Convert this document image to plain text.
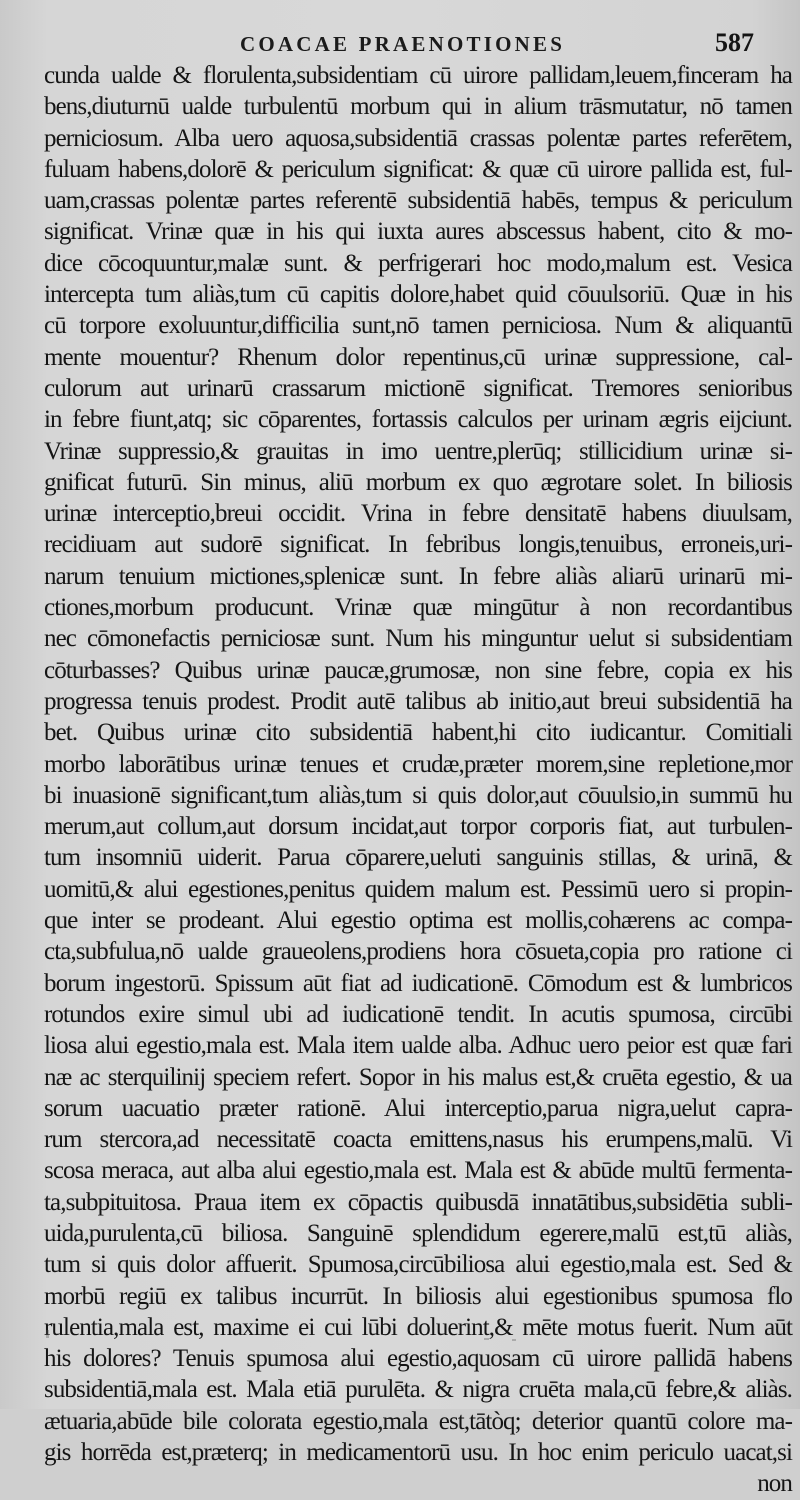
COACAE PRAENOTIONES	587
cunda ualde & florulenta,subsidentiam cū uirore pallidam,leuem,finceram ha
bens,diuturnū ualde turbulentū morbum qui in alium trāsmutatur, nō tamen
perniciosum. Alba uero aquosa,subsidentiā crassas polentæ partes referētem,
fuluam habens,dolorē & periculum significat: & quæ cū uirore pallida est, ful-
uam,crassas polentæ partes referentē subsidentiā habēs, tempus & periculum
significat. Vrinæ quæ in his qui iuxta aures abscessus habent, cito & mo-
dice cōcoquuntur,malæ sunt. & perfrigerari hoc modo,malum est. Vesica
intercepta tum aliàs,tum cū capitis dolore,habet quid cōuulsoriū. Quæ in his
cū torpore exoluuntur,difficilia sunt,nō tamen perniciosa. Num & aliquantū
mente mouentur? Rhenum dolor repentinus,cū urinæ suppressione, cal-
culorum aut urinarū crassarum mictionē significat. Tremores senioribus
in febre fiunt,atq; sic cōparentes, fortassis calculos per urinam ægris eijciunt.
Vrinæ suppressio,& grauitas in imo uentre,plerūq; stillicidium urinæ si-
gnificat futurū. Sin minus, aliū morbum ex quo ægrotare solet. In biliosis
urinæ interceptio,breui occidit. Vrina in febre densitatē habens diuulsam,
recidiuam aut sudorē significat. In febribus longis,tenuibus, erroneis,uri-
narum tenuium mictiones,splenicæ sunt. In febre aliàs aliarū urinarū mi-
ctiones,morbum producunt. Vrinæ quæ mingūtur à non recordantibus
nec cōmonefactis perniciosæ sunt. Num his minguntur uelut si subsidentiam
cōturbasses? Quibus urinæ paucæ,grumosæ, non sine febre, copia ex his
progressa tenuis prodest. Prodit autē talibus ab initio,aut breui subsidentiā ha
bet. Quibus urinæ cito subsidentiā habent,hi cito iudicantur. Comitiali
morbo laborātibus urinæ tenues et crudæ,præter morem,sine repletione,mor
bi inuasionē significant,tum aliàs,tum si quis dolor,aut cōuulsio,in summū hu
merum,aut collum,aut dorsum incidat,aut torpor corporis fiat, aut turbulen-
tum insomniū uiderit. Parua cōparere,ueluti sanguinis stillas, & urinā, &
uomitū,& alui egestiones,penitus quidem malum est. Pessimū uero si propin-
que inter se prodeant. Alui egestio optima est mollis,cohærens ac compa-
cta,subfulua,nō ualde graueolens,prodiens hora cōsueta,copia pro ratione ci
borum ingestorū. Spissum aūt fiat ad iudicationē. Cōmodum est & lumbricos
rotundos exire simul ubi ad iudicationē tendit. In acutis spumosa, circūbi
liosa alui egestio,mala est. Mala item ualde alba. Adhuc uero peior est quæ fari
næ ac sterquilinij speciem refert. Sopor in his malus est,& cruēta egestio, & ua
sorum uacuatio præter rationē. Alui interceptio,parua nigra,uelut capra-
rum stercora,ad necessitatē coacta emittens,nasus his erumpens,malū. Vi
scosa meraca, aut alba alui egestio,mala est. Mala est & abūde multū fermenta-
ta,subpituitosa. Praua item ex cōpactis quibusdā innatātibus,subsidētia subli-
uida,purulenta,cū biliosa. Sanguinē splendidum egerere,malū est,tū aliàs,
tum si quis dolor affuerit. Spumosa,circūbiliosa alui egestio,mala est. Sed &
morbū regiū ex talibus incurrūt. In biliosis alui egestionibus spumosa flo
rulentia,mala est, maxime ei cui lūbi doluerint,& mēte motus fuerit. Num aūt
his dolores? Tenuis spumosa alui egestio,aquosam cū uirore pallidā habens
subsidentiā,mala est. Mala etiā purulēta. & nigra cruēta mala,cū febre,& aliàs.
ætuaria,abūde bile colorata egestio,mala est,tātòq; deterior quantū colore ma-
gis horrēda est,præterq; in medicamentorū usu. In hoc enim periculo uacat,si
non
